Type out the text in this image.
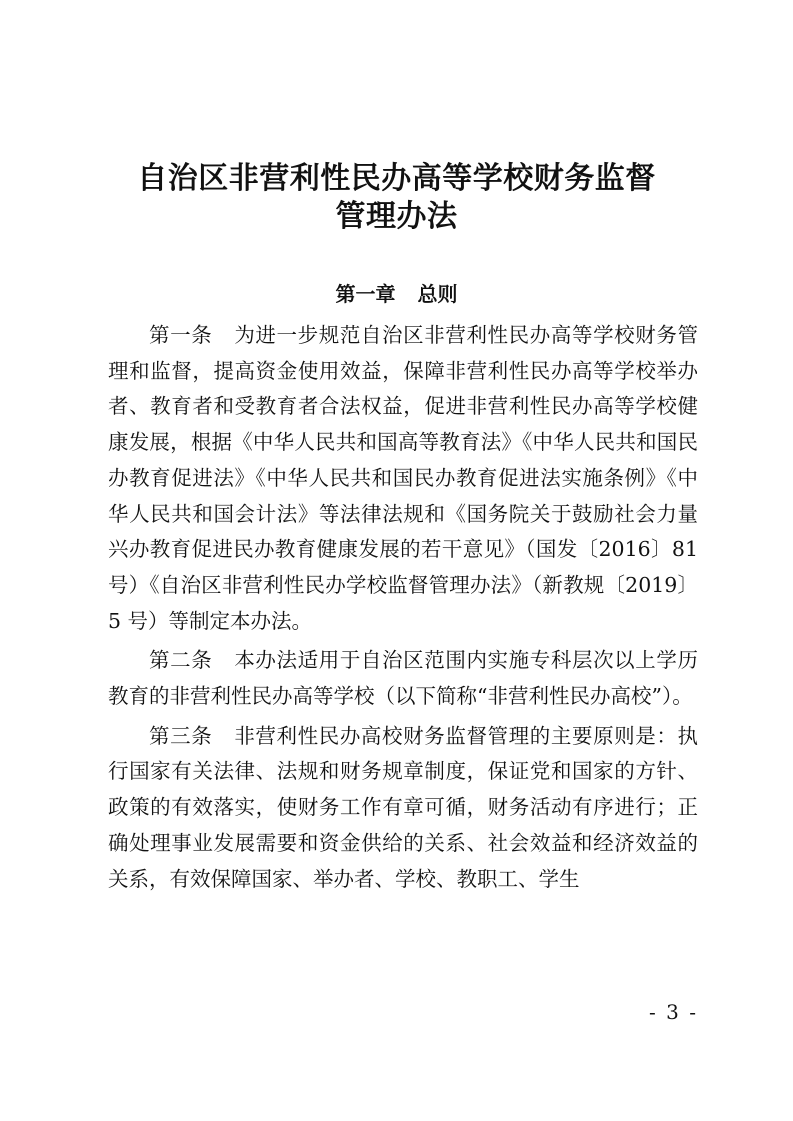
自治区非营利性民办高等学校财务监督
管理办法
第一章 总则

第一条 为进一步规范自治区非营利性民办高等学校财务管理和监督，提高资金使用效益，保障非营利性民办高等学校举办者、教育者和受教育者合法权益，促进非营利性民办高等学校健康发展，根据《中华人民共和国高等教育法》《中华人民共和国民办教育促进法》《中华人民共和国民办教育促进法实施条例》《中华人民共和国会计法》等法律法规和《国务院关于鼓励社会力量兴办教育促进民办教育健康发展的若干意见》（国发〔2016〕81 号）《自治区非营利性民办学校监督管理办法》（新教规〔2019〕5 号）等制定本办法。

第二条 本办法适用于自治区范围内实施专科层次以上学历教育的非营利性民办高等学校（以下简称“非营利性民办高校”）。

第三条 非营利性民办高校财务监督管理的主要原则是：执行国家有关法律、法规和财务规章制度，保证党和国家的方针、政策的有效落实，使财务工作有章可循，财务活动有序进行；正确处理事业发展需要和资金供给的关系、社会效益和经济效益的关系，有效保障国家、举办者、学校、教职工、学生

- 3 -
